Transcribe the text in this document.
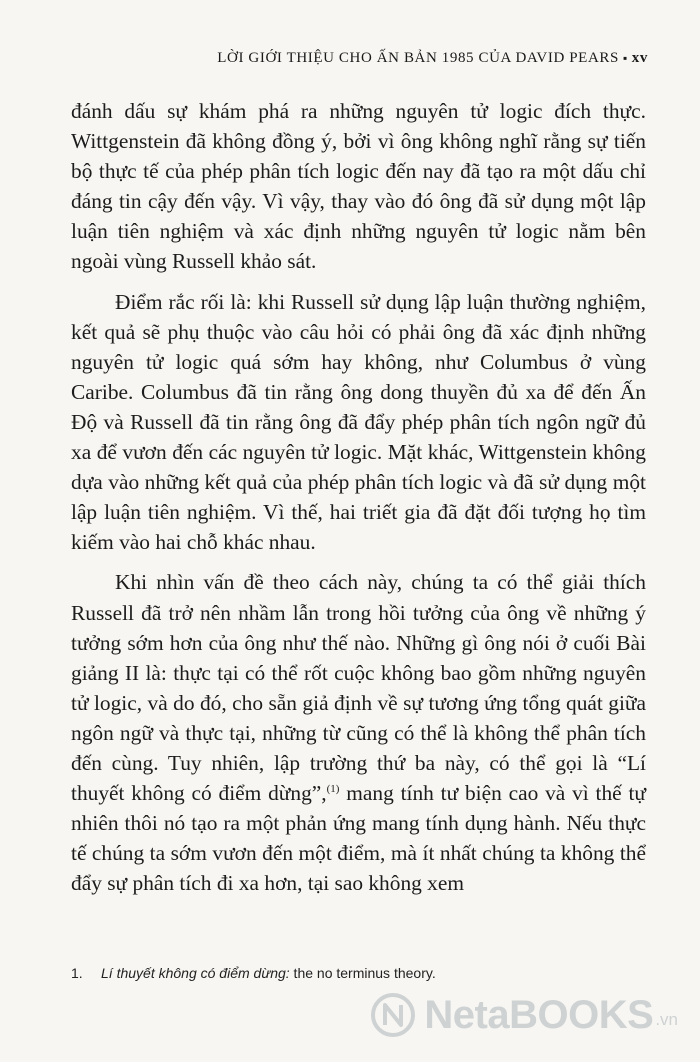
LỜI GIỚI THIỆU CHO ẤN BẢN 1985 CỦA DAVID PEARS ▪ xv

đánh dấu sự khám phá ra những nguyên tử logic đích thực. Wittgenstein đã không đồng ý, bởi vì ông không nghĩ rằng sự tiến bộ thực tế của phép phân tích logic đến nay đã tạo ra một dấu chỉ đáng tin cậy đến vậy. Vì vậy, thay vào đó ông đã sử dụng một lập luận tiên nghiệm và xác định những nguyên tử logic nằm bên ngoài vùng Russell khảo sát.

Điểm rắc rối là: khi Russell sử dụng lập luận thường nghiệm, kết quả sẽ phụ thuộc vào câu hỏi có phải ông đã xác định những nguyên tử logic quá sớm hay không, như Columbus ở vùng Caribe. Columbus đã tin rằng ông dong thuyền đủ xa để đến Ấn Độ và Russell đã tin rằng ông đã đẩy phép phân tích ngôn ngữ đủ xa để vươn đến các nguyên tử logic. Mặt khác, Wittgenstein không dựa vào những kết quả của phép phân tích logic và đã sử dụng một lập luận tiên nghiệm. Vì thế, hai triết gia đã đặt đối tượng họ tìm kiếm vào hai chỗ khác nhau.

Khi nhìn vấn đề theo cách này, chúng ta có thể giải thích Russell đã trở nên nhầm lẫn trong hồi tưởng của ông về những ý tưởng sớm hơn của ông như thế nào. Những gì ông nói ở cuối Bài giảng II là: thực tại có thể rốt cuộc không bao gồm những nguyên tử logic, và do đó, cho sẵn giả định về sự tương ứng tổng quát giữa ngôn ngữ và thực tại, những từ cũng có thể là không thể phân tích đến cùng. Tuy nhiên, lập trường thứ ba này, có thể gọi là “Lí thuyết không có điểm dừng”,$^{(1)}$ mang tính tư biện cao và vì thế tự nhiên thôi nó tạo ra một phản ứng mang tính dụng hành. Nếu thực tế chúng ta sớm vươn đến một điểm, mà ít nhất chúng ta không thể đẩy sự phân tích đi xa hơn, tại sao không xem

1. Lí thuyết không có điểm dừng: the no terminus theory.
NetaBOOKS .vn
